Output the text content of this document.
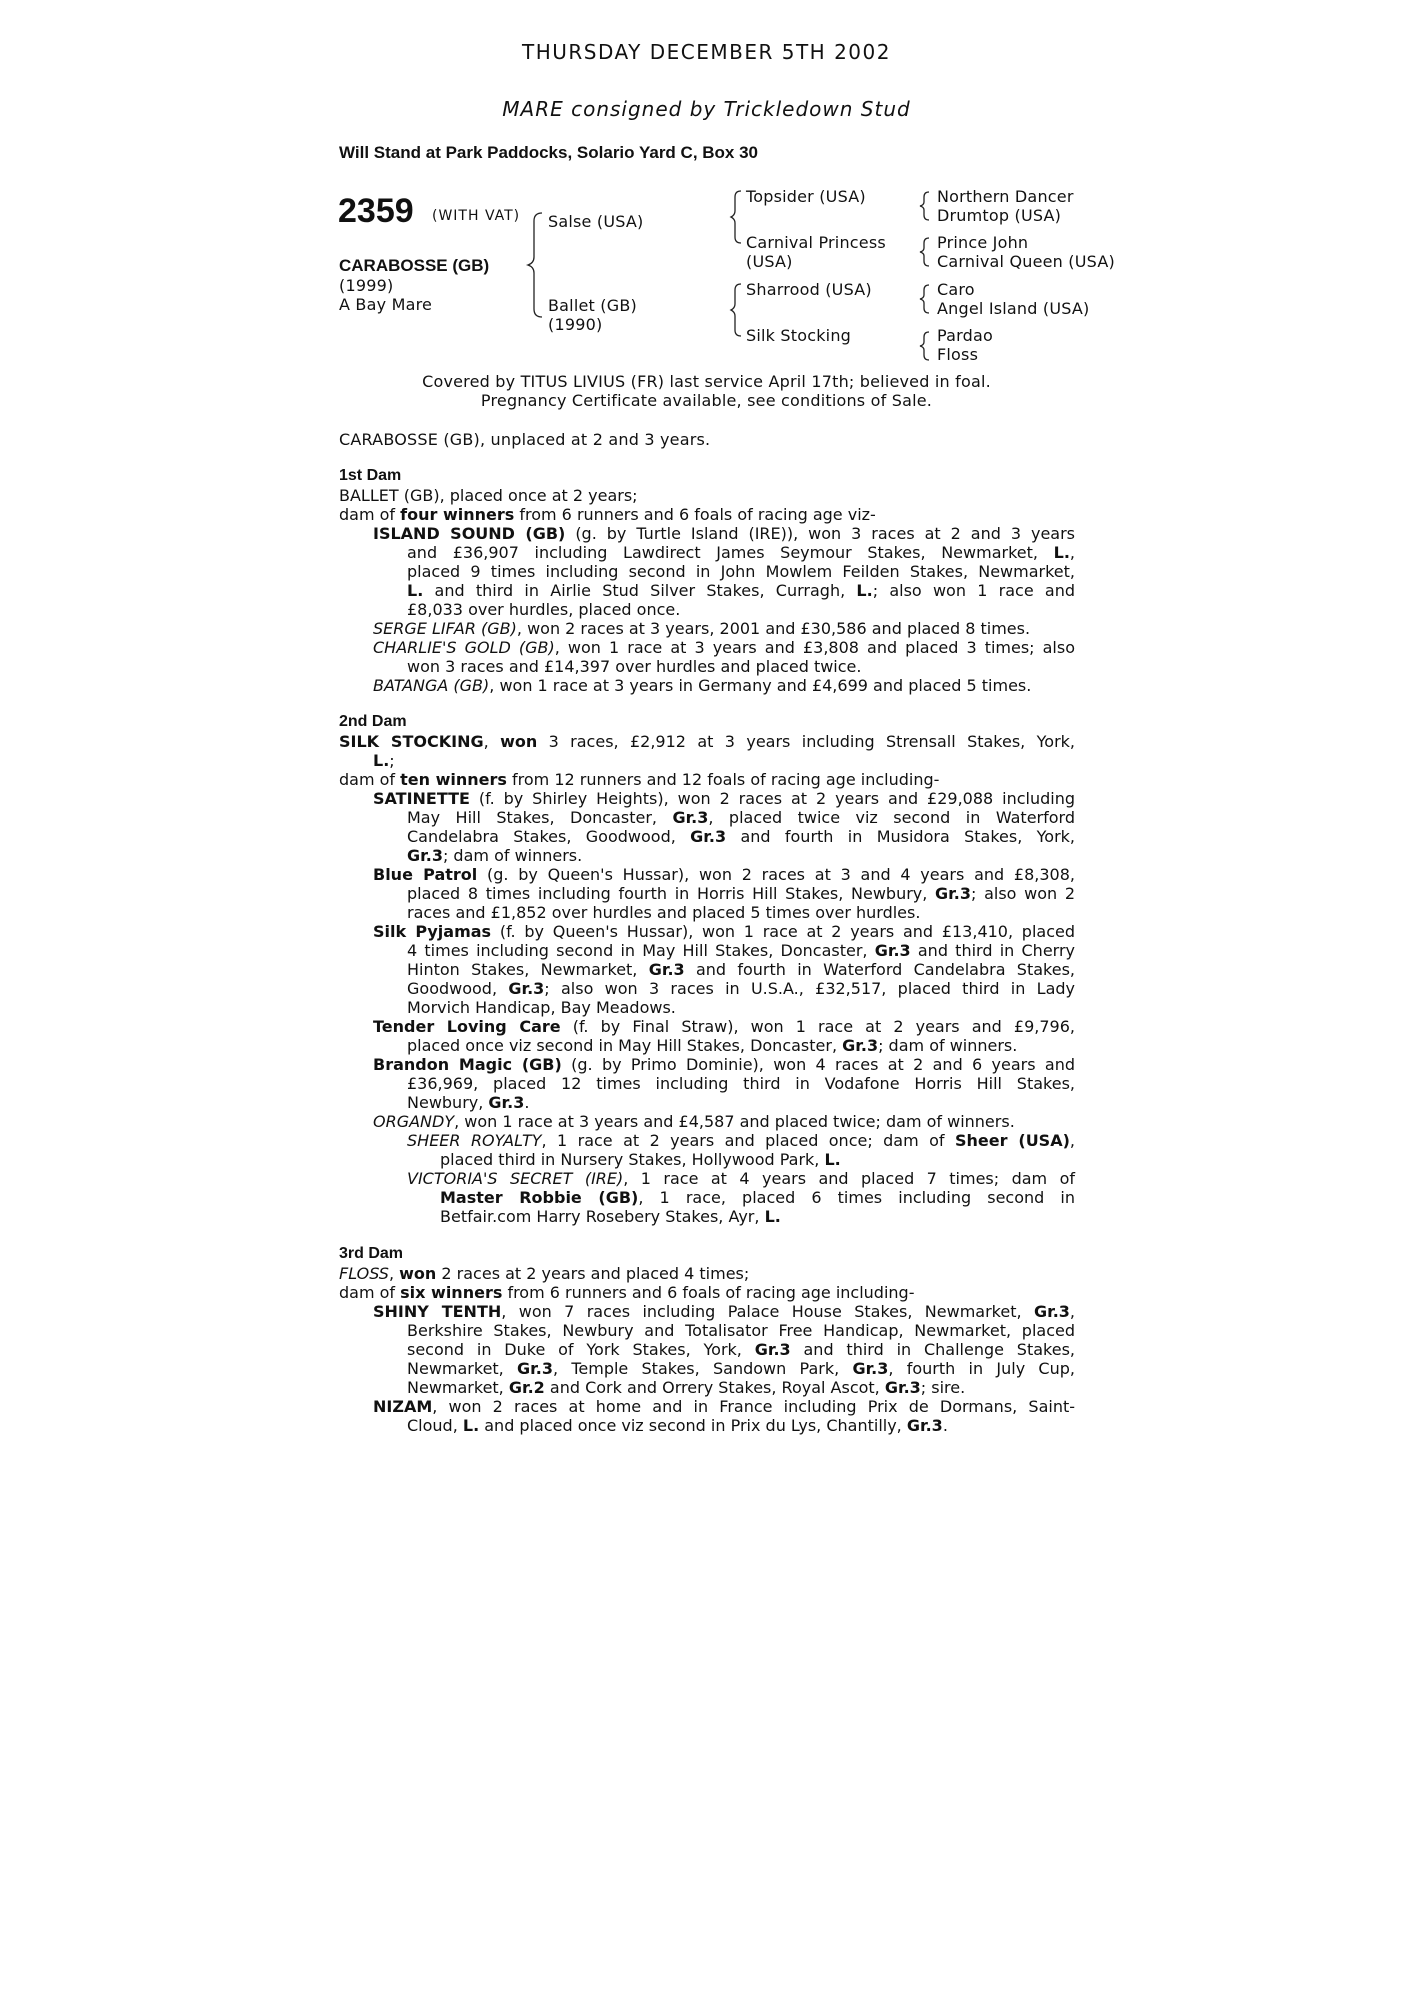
THURSDAY DECEMBER 5TH 2002
MARE consigned by Trickledown Stud
Will Stand at Park Paddocks, Solario Yard C, Box 30
2359 (WITH VAT)
CARABOSSE (GB)
(1999)
A Bay Mare
Salse (USA)
Ballet (GB)
(1990)
Topsider (USA)
Carnival Princess
(USA)
Sharrood (USA)
Silk Stocking
Northern Dancer
Drumtop (USA)
Prince John
Carnival Queen (USA)
Caro
Angel Island (USA)
Pardao
Floss
Covered by TITUS LIVIUS (FR) last service April 17th; believed in foal.
Pregnancy Certificate available, see conditions of Sale.
CARABOSSE (GB), unplaced at 2 and 3 years.
1st Dam
BALLET (GB), placed once at 2 years;
dam of four winners from 6 runners and 6 foals of racing age viz-
ISLAND SOUND (GB) (g. by Turtle Island (IRE)), won 3 races at 2 and 3 years
and £36,907 including Lawdirect James Seymour Stakes, Newmarket, L.,
placed 9 times including second in John Mowlem Feilden Stakes, Newmarket,
L. and third in Airlie Stud Silver Stakes, Curragh, L.; also won 1 race and
£8,033 over hurdles, placed once.
SERGE LIFAR (GB), won 2 races at 3 years, 2001 and £30,586 and placed 8 times.
CHARLIE'S GOLD (GB), won 1 race at 3 years and £3,808 and placed 3 times; also
won 3 races and £14,397 over hurdles and placed twice.
BATANGA (GB), won 1 race at 3 years in Germany and £4,699 and placed 5 times.
2nd Dam
SILK STOCKING, won 3 races, £2,912 at 3 years including Strensall Stakes, York,
L.;
dam of ten winners from 12 runners and 12 foals of racing age including-
SATINETTE (f. by Shirley Heights), won 2 races at 2 years and £29,088 including
May Hill Stakes, Doncaster, Gr.3, placed twice viz second in Waterford
Candelabra Stakes, Goodwood, Gr.3 and fourth in Musidora Stakes, York,
Gr.3; dam of winners.
Blue Patrol (g. by Queen's Hussar), won 2 races at 3 and 4 years and £8,308,
placed 8 times including fourth in Horris Hill Stakes, Newbury, Gr.3; also won 2
races and £1,852 over hurdles and placed 5 times over hurdles.
Silk Pyjamas (f. by Queen's Hussar), won 1 race at 2 years and £13,410, placed
4 times including second in May Hill Stakes, Doncaster, Gr.3 and third in Cherry
Hinton Stakes, Newmarket, Gr.3 and fourth in Waterford Candelabra Stakes,
Goodwood, Gr.3; also won 3 races in U.S.A., £32,517, placed third in Lady
Morvich Handicap, Bay Meadows.
Tender Loving Care (f. by Final Straw), won 1 race at 2 years and £9,796,
placed once viz second in May Hill Stakes, Doncaster, Gr.3; dam of winners.
Brandon Magic (GB) (g. by Primo Dominie), won 4 races at 2 and 6 years and
£36,969, placed 12 times including third in Vodafone Horris Hill Stakes,
Newbury, Gr.3.
ORGANDY, won 1 race at 3 years and £4,587 and placed twice; dam of winners.
SHEER ROYALTY, 1 race at 2 years and placed once; dam of Sheer (USA),
placed third in Nursery Stakes, Hollywood Park, L.
VICTORIA'S SECRET (IRE), 1 race at 4 years and placed 7 times; dam of
Master Robbie (GB), 1 race, placed 6 times including second in
Betfair.com Harry Rosebery Stakes, Ayr, L.
3rd Dam
FLOSS, won 2 races at 2 years and placed 4 times;
dam of six winners from 6 runners and 6 foals of racing age including-
SHINY TENTH, won 7 races including Palace House Stakes, Newmarket, Gr.3,
Berkshire Stakes, Newbury and Totalisator Free Handicap, Newmarket, placed
second in Duke of York Stakes, York, Gr.3 and third in Challenge Stakes,
Newmarket, Gr.3, Temple Stakes, Sandown Park, Gr.3, fourth in July Cup,
Newmarket, Gr.2 and Cork and Orrery Stakes, Royal Ascot, Gr.3; sire.
NIZAM, won 2 races at home and in France including Prix de Dormans, Saint-
Cloud, L. and placed once viz second in Prix du Lys, Chantilly, Gr.3.
